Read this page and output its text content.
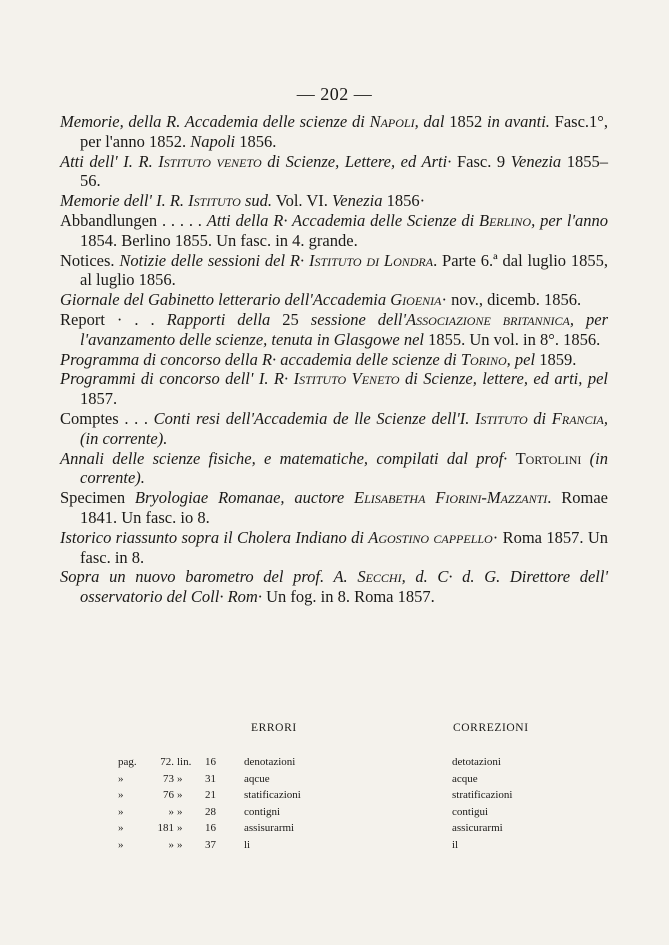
— 202 —
Memorie, della R. Accademia delle scienze di Napoli, dal 1852 in avanti. Fasc.1°, per l'anno 1852. Napoli 1856.
Atti dell' I. R. Istituto veneto di Scienze, Lettere, ed Arti· Fasc. 9 Venezia 1855–56.
Memorie dell' I. R. Istituto sud. Vol. VI. Venezia 1856·
Abbandlungen . . . . . Atti della R· Accademia delle Scienze di Berlino, per l'anno 1854. Berlino 1855. Un fasc. in 4. grande.
Notices. Notizie delle sessioni del R· Istituto di Londra. Parte 6.ª dal luglio 1855, al luglio 1856.
Giornale del Gabinetto letterario dell'Accademia Gioenia· nov., dicemb. 1856.
Report · . . Rapporti della 25 sessione dell'Associazione britannica, per l'avanzamento delle scienze, tenuta in Glasgowe nel 1855. Un vol. in 8°. 1856.
Programma di concorso della R· accademia delle scienze di Torino, pel 1859.
Programmi di concorso dell' I. R· Istituto Veneto di Scienze, lettere, ed arti, pel 1857.
Comptes . . . Conti resi dell'Accademia de lle Scienze dell'I. Istituto di Francia, (in corrente).
Annali delle scienze fisiche, e matematiche, compilati dal prof· Tortolini (in corrente).
Specimen Bryologiae Romanae, auctore Elisabetha Fiorini-Mazzanti. Romae 1841. Un fasc. io 8.
Istorico riassunto sopra il Cholera Indiano di Agostino cappello· Roma 1857. Un fasc. in 8.
Sopra un nuovo barometro del prof. A. Secchi, d. C· d. G. Direttore dell' osservatorio del Coll· Rom· Un fog. in 8. Roma 1857.
ERRORI	CORREZIONI
pag.	72. lin.	16	denotazioni	detotazioni
»	73 »	31	aqcue	acque
»	76 »	21	statificazioni	stratificazioni
»	» »	28	contigni	contigui
»	181 »	16	assisurarmi	assicurarmi
»	» »	37	li	il
